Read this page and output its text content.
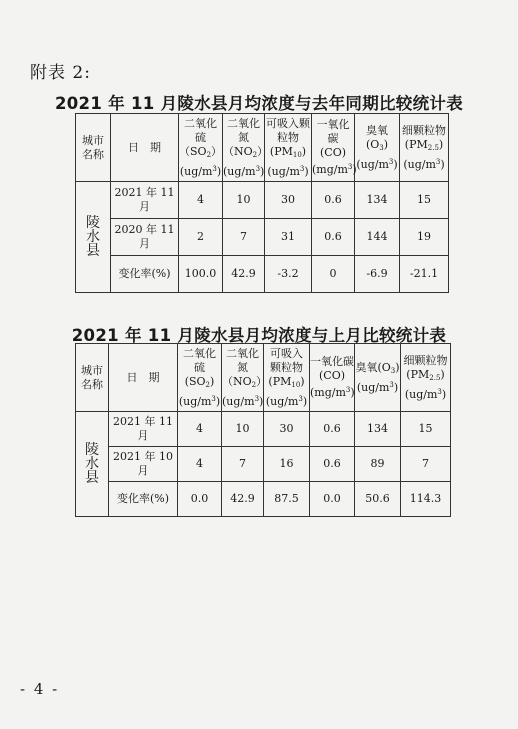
附表 2:
2021 年 11 月陵水县月均浓度与去年同期比较统计表
城市
名称	日　期	二氧化
硫$(SO_2)$
$(ug/m^3)$	二氧化
氮$(NO_2)$
$(ug/m^3)$	可吸入颗
粒物
$(PM_{10})$
$(ug/m^3)$	一氧化碳
(CO)
$(mg/m^3)$	臭氧$(O_3)$
$(ug/m^3)$	细颗粒物
$(PM_{2.5})$
$(ug/m^3)$

陵
水
县	2021 年 11 月	4	10	30	0.6	134	15
	2020 年 11 月	2	7	31	0.6	144	19
	变化率(%)	100.0	42.9	-3.2	0	-6.9	-21.1
2021 年 11 月陵水县月均浓度与上月比较统计表
城市
名称	日　期	二氧化硫
$(SO_2)$
$(ug/m^3)$	二氧化
氮$(NO_2)$
$(ug/m^3)$	可吸入
颗粒物
$(PM_{10})$
$(ug/m^3)$	一氧化碳
(CO)
$(mg/m^3)$	臭氧$(O_3)$
$(ug/m^3)$	细颗粒物
$(PM_{2.5})$
$(ug/m^3)$

陵
水
县	2021 年 11 月	4	10	30	0.6	134	15
	2021 年 10 月	4	7	16	0.6	89	7
	变化率(%)	0.0	42.9	87.5	0.0	50.6	114.3
- 4 -
